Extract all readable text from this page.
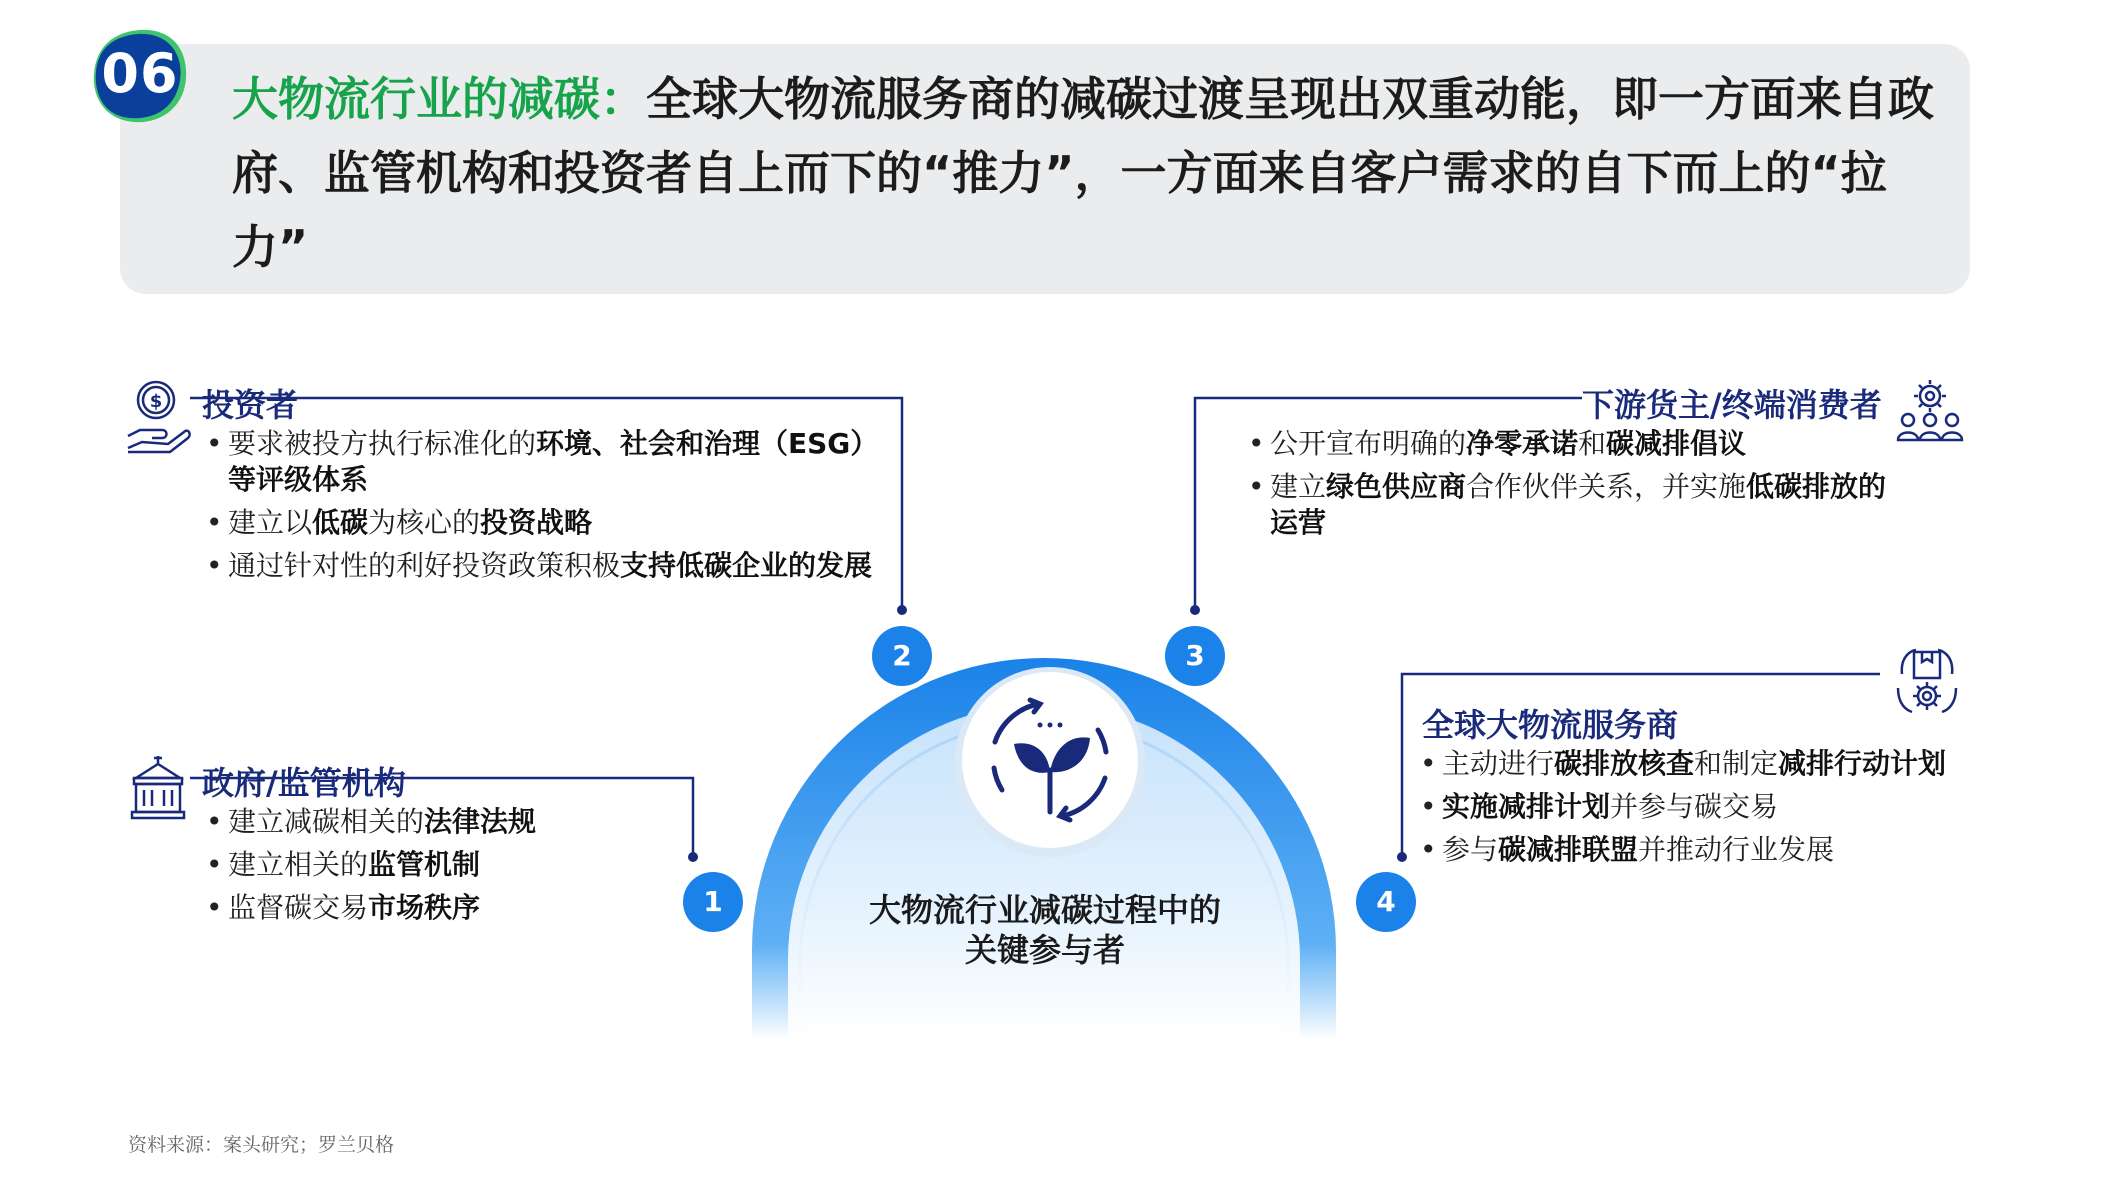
06 大物流行业的减碳：全球大物流服务商的减碳过渡呈现出双重动能，即一方面来自政府、监管机构和投资者自上而下的“推力”，一方面来自客户需求的自下而上的“拉力”
$
2	3
1	4
大物流行业减碳过程中的
关键参与者
投资者
• 要求被投方执行标准化的环境、社会和治理（ESG）等评级体系
• 建立以低碳为核心的投资战略
• 通过针对性的利好投资政策积极支持低碳企业的发展
政府/监管机构
• 建立减碳相关的法律法规
• 建立相关的监管机制
• 监督碳交易市场秩序
下游货主/终端消费者
• 公开宣布明确的净零承诺和碳减排倡议
• 建立绿色供应商合作伙伴关系，并实施低碳排放的运营
全球大物流服务商
• 主动进行碳排放核查和制定减排行动计划
• 实施减排计划并参与碳交易
• 参与碳减排联盟并推动行业发展
资料来源：案头研究；罗兰贝格
